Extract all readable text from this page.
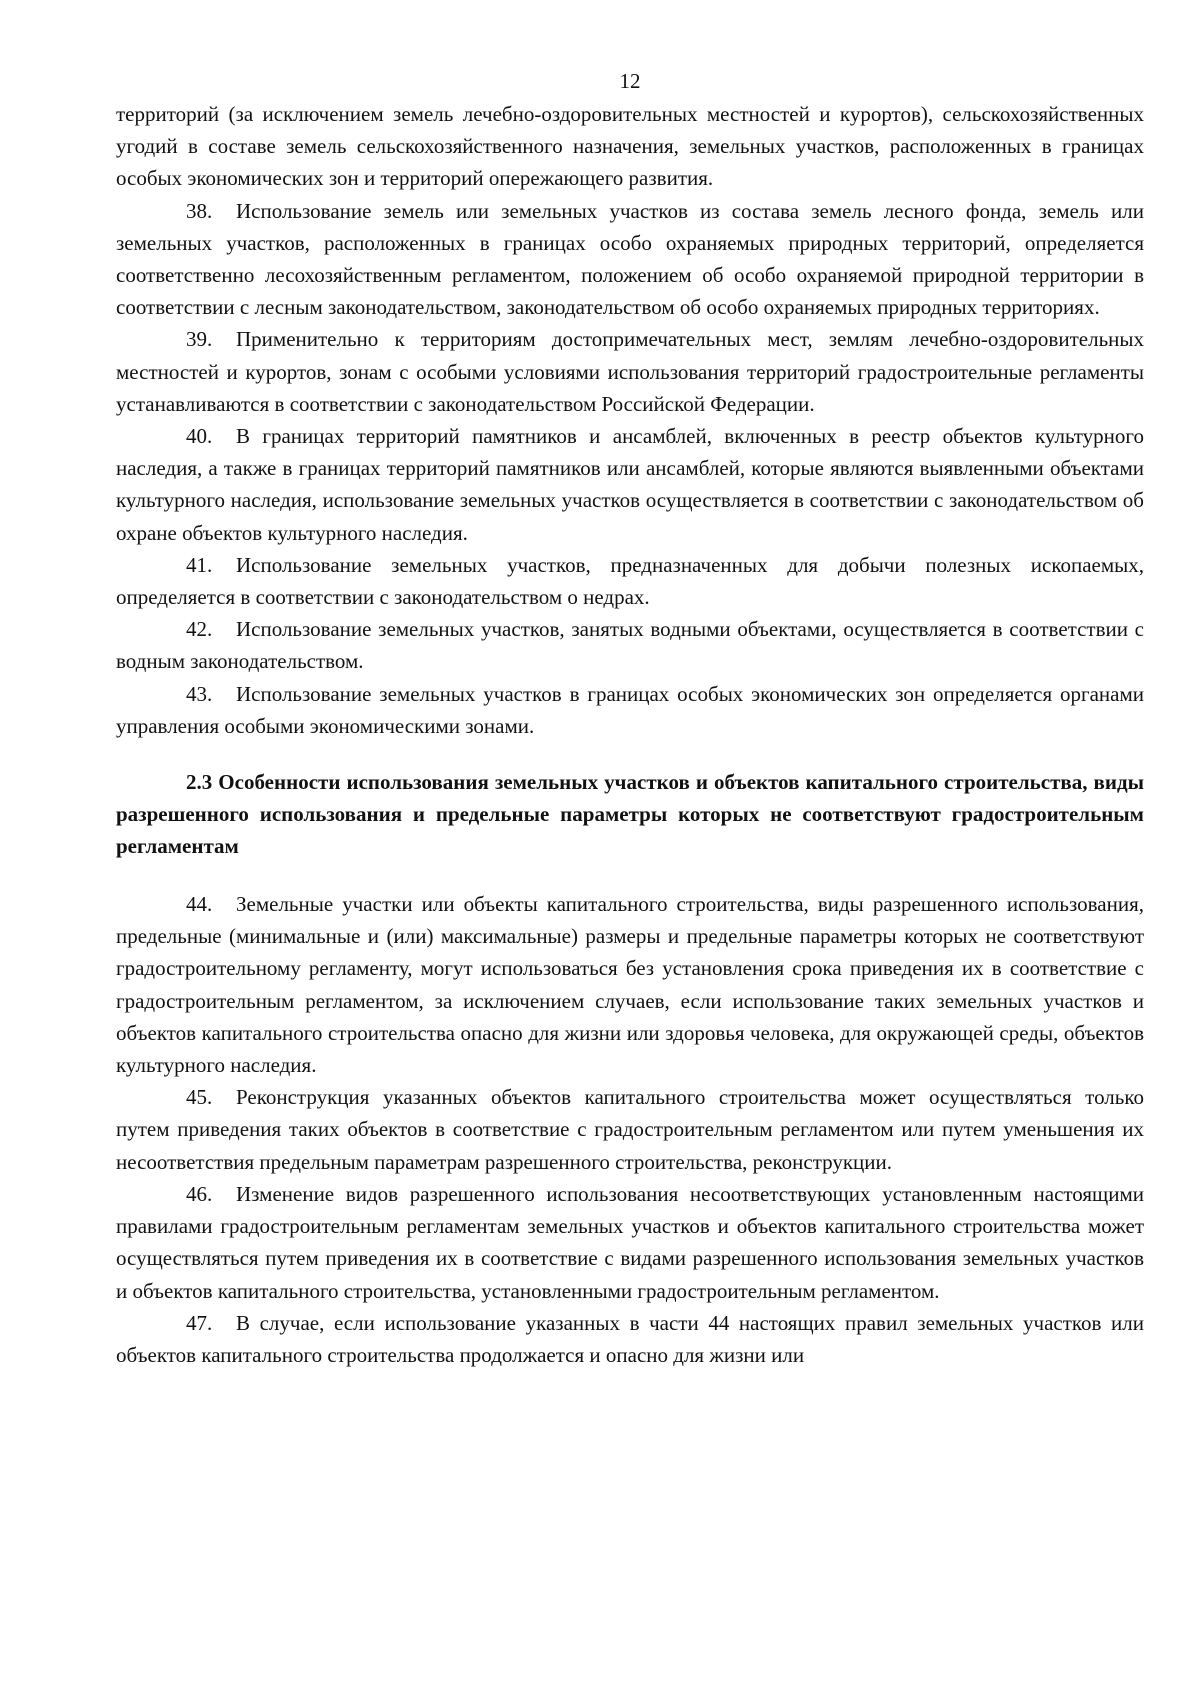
12

территорий (за исключением земель лечебно-оздоровительных местностей и курортов), сельскохозяйственных угодий в составе земель сельскохозяйственного назначения, земельных участков, расположенных в границах особых экономических зон и территорий опережающего развития.

38. Использование земель или земельных участков из состава земель лесного фонда, земель или земельных участков, расположенных в границах особо охраняемых природных территорий, определяется соответственно лесохозяйственным регламентом, положением об особо охраняемой природной территории в соответствии с лесным законодательством, законодательством об особо охраняемых природных территориях.

39. Применительно к территориям достопримечательных мест, землям лечебно-оздоровительных местностей и курортов, зонам с особыми условиями использования территорий градостроительные регламенты устанавливаются в соответствии с законодательством Российской Федерации.

40. В границах территорий памятников и ансамблей, включенных в реестр объектов культурного наследия, а также в границах территорий памятников или ансамблей, которые являются выявленными объектами культурного наследия, использование земельных участков осуществляется в соответствии с законодательством об охране объектов культурного наследия.

41. Использование земельных участков, предназначенных для добычи полезных ископаемых, определяется в соответствии с законодательством о недрах.

42. Использование земельных участков, занятых водными объектами, осуществляется в соответствии с водным законодательством.

43. Использование земельных участков в границах особых экономических зон определяется органами управления особыми экономическими зонами.

2.3 Особенности использования земельных участков и объектов капитального строительства, виды разрешенного использования и предельные параметры которых не соответствуют градостроительным регламентам

44. Земельные участки или объекты капитального строительства, виды разрешенного использования, предельные (минимальные и (или) максимальные) размеры и предельные параметры которых не соответствуют градостроительному регламенту, могут использоваться без установления срока приведения их в соответствие с градостроительным регламентом, за исключением случаев, если использование таких земельных участков и объектов капитального строительства опасно для жизни или здоровья человека, для окружающей среды, объектов культурного наследия.

45. Реконструкция указанных объектов капитального строительства может осуществляться только путем приведения таких объектов в соответствие с градостроительным регламентом или путем уменьшения их несоответствия предельным параметрам разрешенного строительства, реконструкции.

46. Изменение видов разрешенного использования несоответствующих установленным настоящими правилами градостроительным регламентам земельных участков и объектов капитального строительства может осуществляться путем приведения их в соответствие с видами разрешенного использования земельных участков и объектов капитального строительства, установленными градостроительным регламентом.

47. В случае, если использование указанных в части 44 настоящих правил земельных участков или объектов капитального строительства продолжается и опасно для жизни или
